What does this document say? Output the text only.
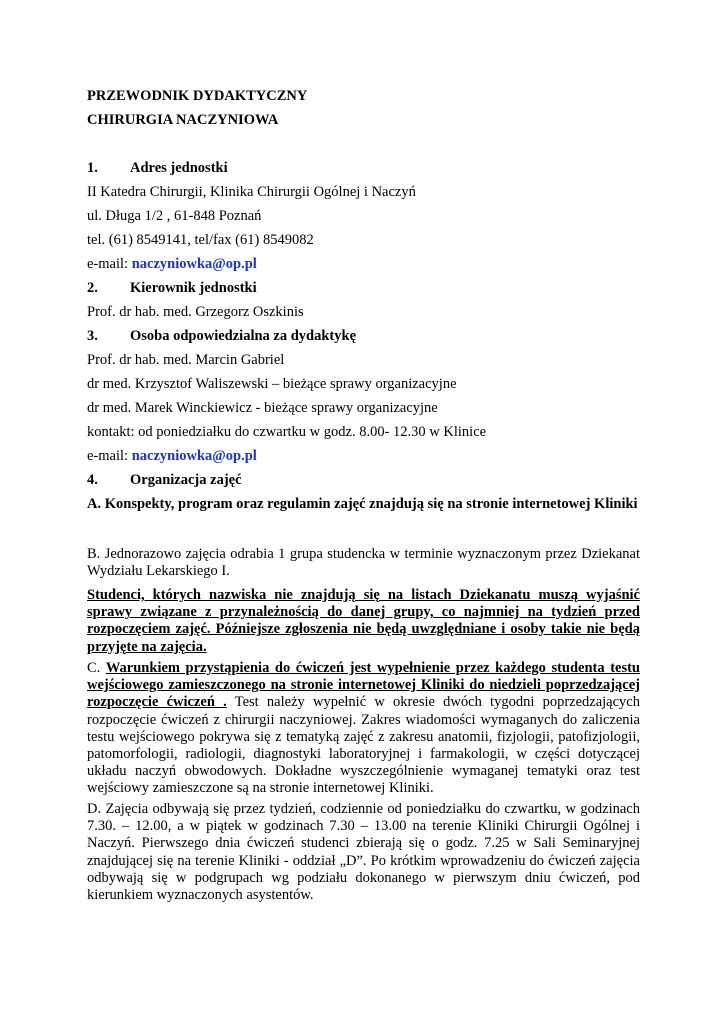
PRZEWODNIK DYDAKTYCZNY
CHIRURGIA NACZYNIOWA
1. Adres jednostki
II Katedra Chirurgii, Klinika Chirurgii Ogólnej i Naczyń
ul. Długa 1/2 , 61-848 Poznań
tel. (61) 8549141, tel/fax (61) 8549082
e-mail: naczyniowka@op.pl
2. Kierownik jednostki
Prof. dr hab. med. Grzegorz Oszkinis
3. Osoba odpowiedzialna za dydaktykę
Prof. dr hab. med. Marcin Gabriel
dr med. Krzysztof Waliszewski – bieżące sprawy organizacyjne
dr med. Marek Winckiewicz - bieżące sprawy organizacyjne
kontakt: od poniedziałku do czwartku w godz. 8.00- 12.30 w Klinice
e-mail: naczyniowka@op.pl
4. Organizacja zajęć
A. Konspekty, program oraz regulamin zajęć znajdują się na stronie internetowej Kliniki
B. Jednorazowo zajęcia odrabia 1 grupa studencka w terminie wyznaczonym przez Dziekanat Wydziału Lekarskiego I.
Studenci, których nazwiska nie znajdują się na listach Dziekanatu muszą wyjaśnić sprawy związane z przynależnością do danej grupy, co najmniej na tydzień przed rozpoczęciem zajęć. Późniejsze zgłoszenia nie będą uwzględniane i osoby takie nie będą przyjęte na zajęcia.
C. Warunkiem przystąpienia do ćwiczeń jest wypełnienie przez każdego studenta testu wejściowego zamieszczonego na stronie internetowej Kliniki do niedzieli poprzedzającej rozpoczęcie ćwiczeń . Test należy wypełnić w okresie dwóch tygodni poprzedzających rozpoczęcie ćwiczeń z chirurgii naczyniowej. Zakres wiadomości wymaganych do zaliczenia testu wejściowego pokrywa się z tematyką zajęć z zakresu anatomii, fizjologii, patofizjologii, patomorfologii, radiologii, diagnostyki laboratoryjnej i farmakologii, w części dotyczącej układu naczyń obwodowych. Dokładne wyszczególnienie wymaganej tematyki oraz test wejściowy zamieszczone są na stronie internetowej Kliniki.
D. Zajęcia odbywają się przez tydzień, codziennie od poniedziałku do czwartku, w godzinach 7.30. – 12.00, a w piątek w godzinach 7.30 – 13.00 na terenie Kliniki Chirurgii Ogólnej i Naczyń. Pierwszego dnia ćwiczeń studenci zbierają się o godz. 7.25 w Sali Seminaryjnej znajdującej się na terenie Kliniki - oddział „D”. Po krótkim wprowadzeniu do ćwiczeń zajęcia odbywają się w podgrupach wg podziału dokonanego w pierwszym dniu ćwiczeń, pod kierunkiem wyznaczonych asystentów.
